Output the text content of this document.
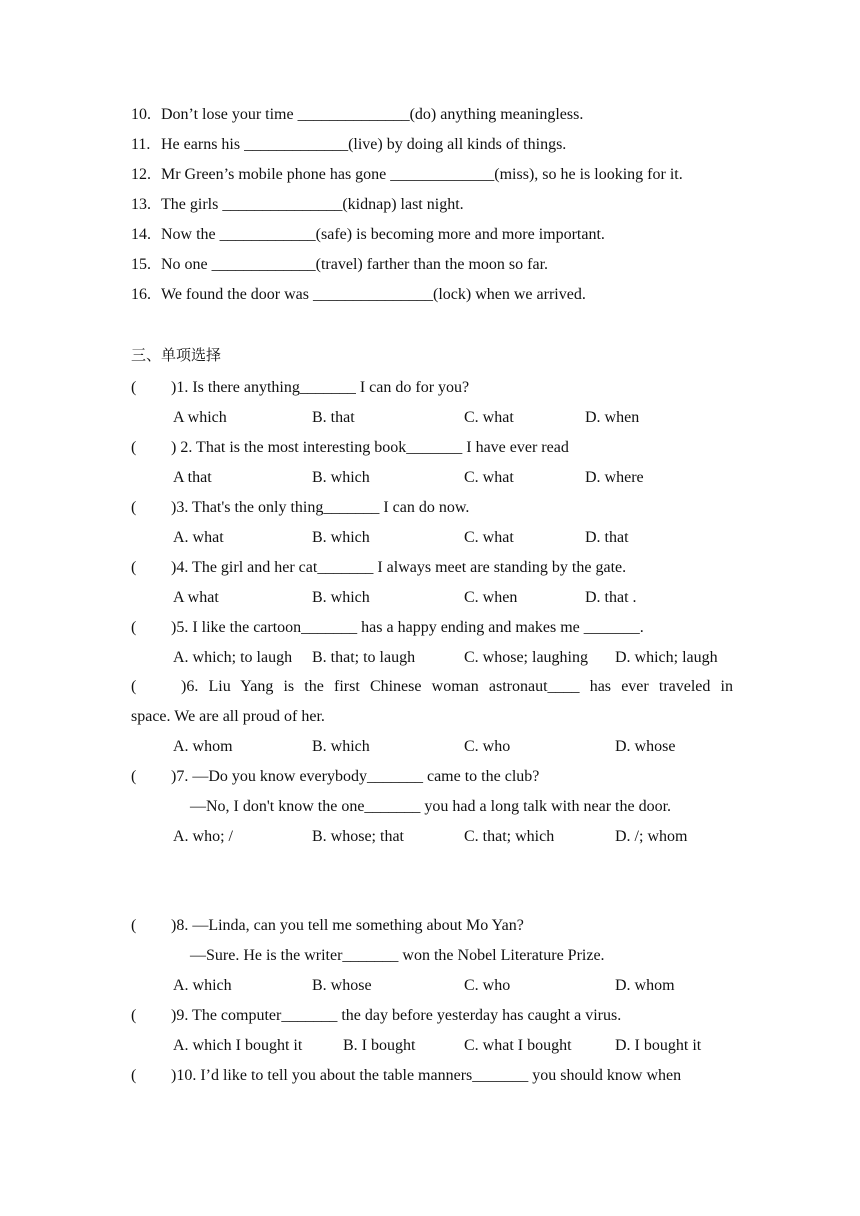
10. Don’t lose your time ______________(do) anything meaningless.
11. He earns his _____________(live) by doing all kinds of things.
12. Mr Green’s mobile phone has gone _____________(miss), so he is looking for it.
13. The girls _______________(kidnap) last night.
14. Now the ____________(safe) is becoming more and more important.
15. No one _____________(travel) farther than the moon so far.
16. We found the door was _______________(lock) when we arrived.
三、单项选择
( )1. Is there anything_______ I can do for you?
A which	B. that	C. what	D. when
( ) 2. That is the most interesting book_______ I have ever read
A that	B. which	C. what	D. where
( )3. That's the only thing_______ I can do now.
A. what	B. which	C. what	D. that
( )4. The girl and her cat_______ I always meet are standing by the gate.
A what	B. which	C. when	D. that .
( )5. I like the cartoon_______ has a happy ending and makes me _______.
A. which; to laugh B. that; to laugh	C. whose; laughing D. which; laugh
(	)6. Liu Yang is the first Chinese woman astronaut____ has ever traveled in
space. We are all proud of her.
A. whom	B. which	C. who	D. whose
( )7. —Do you know everybody_______ came to the club?
—No, I don't know the one_______ you had a long talk with near the door.
A. who; /	B. whose; that	C. that; which	D. /; whom
( )8. —Linda, can you tell me something about Mo Yan?
—Sure. He is the writer_______ won the Nobel Literature Prize.
A. which	B. whose	C. who	D. whom
( )9. The computer_______ the day before yesterday has caught a virus.
A. which I bought it	B. I bought	C. what I bought	D. I bought it
( )10. I’d like to tell you about the table manners_______ you should know when
